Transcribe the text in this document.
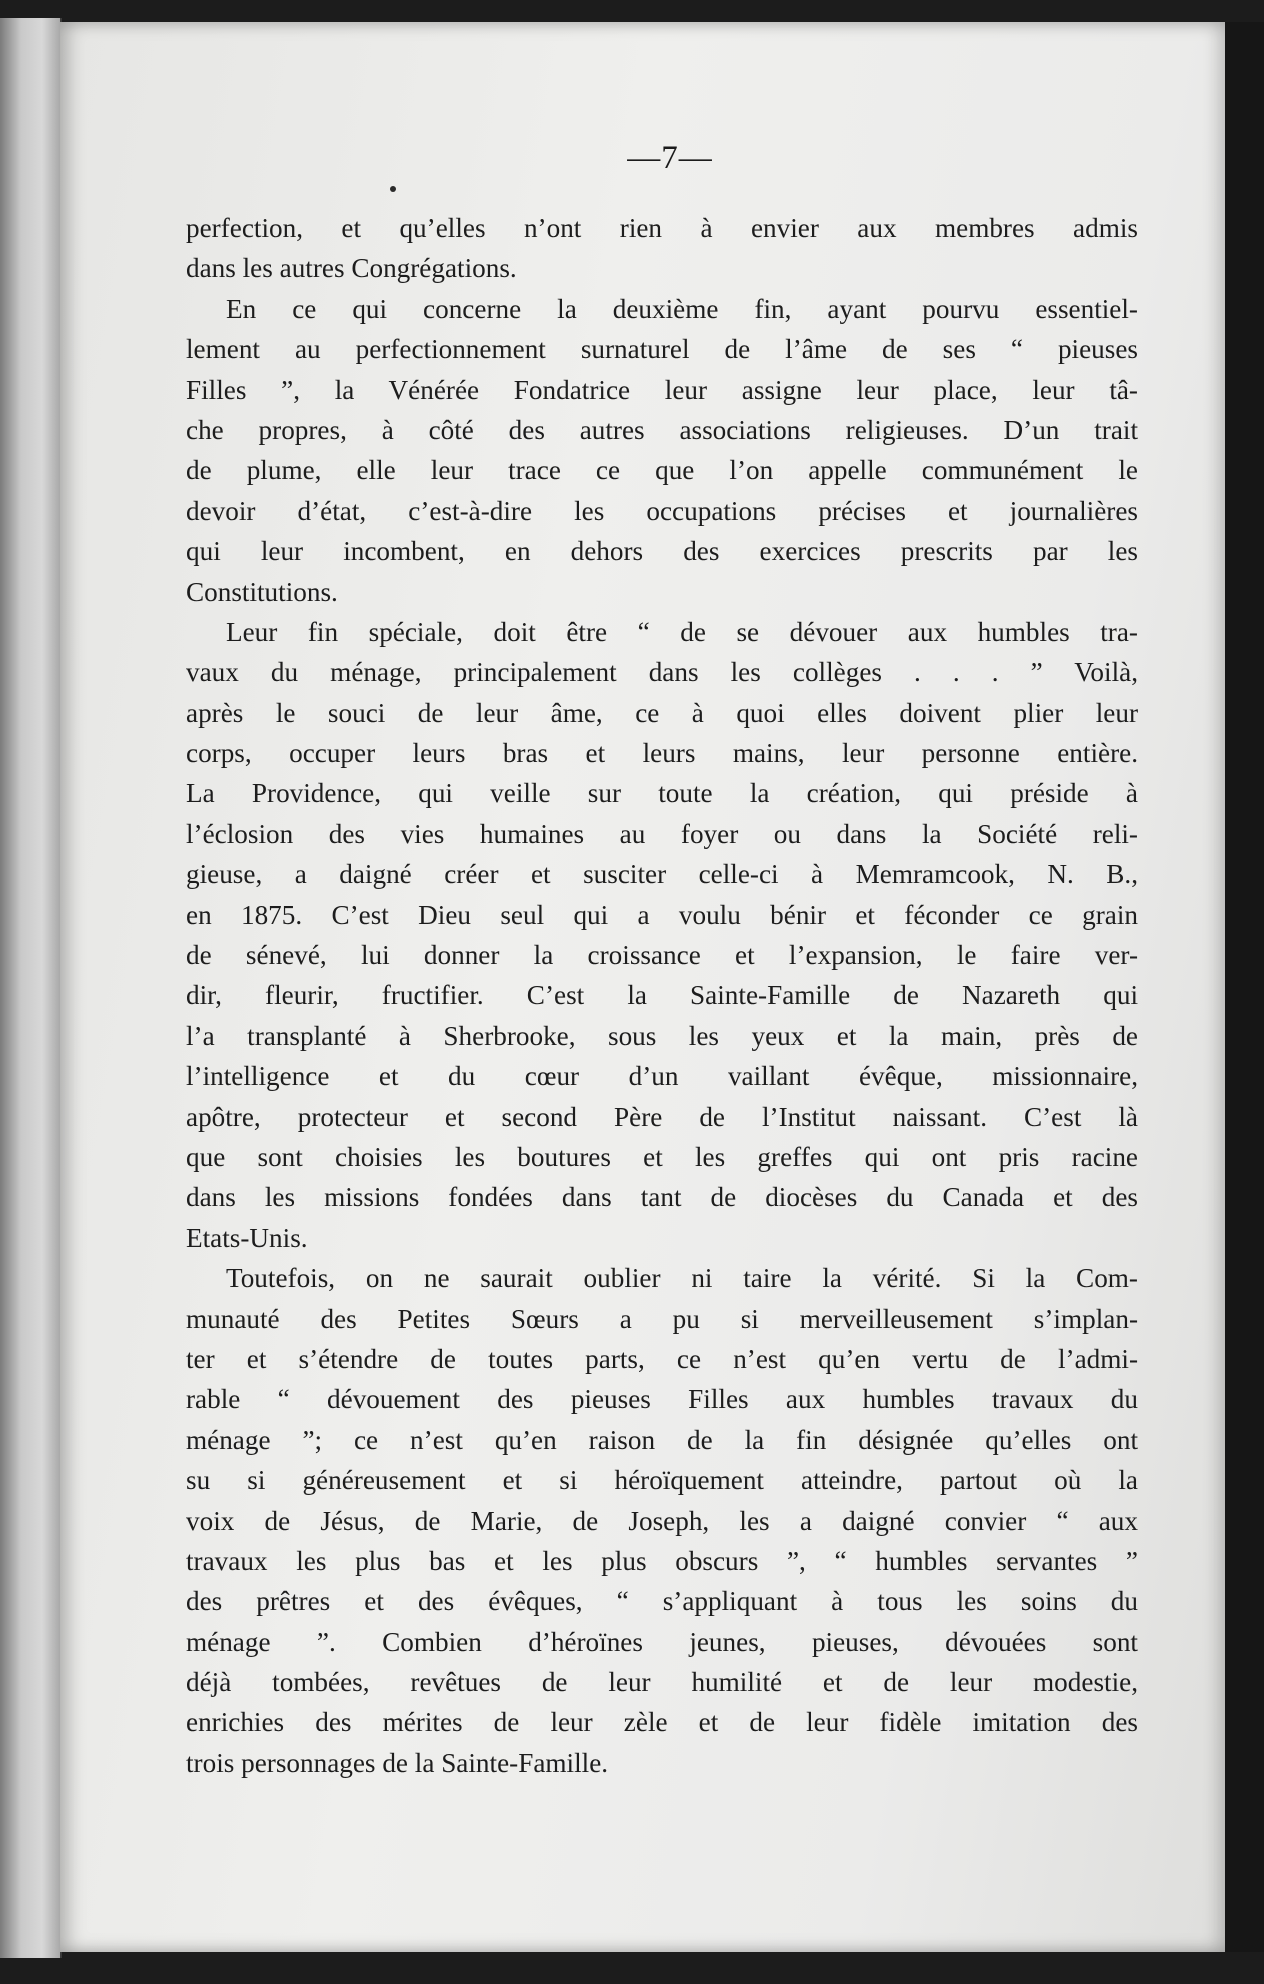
—7—
perfection, et qu’elles n’ont rien à envier aux membres admis
dans les autres Congrégations.
En ce qui concerne la deuxième fin, ayant pourvu essentiel-
lement au perfectionnement surnaturel de l’âme de ses “ pieuses
Filles ”, la Vénérée Fondatrice leur assigne leur place, leur tâ-
che propres, à côté des autres associations religieuses. D’un trait
de plume, elle leur trace ce que l’on appelle communément le
devoir d’état, c’est-à-dire les occupations précises et journalières
qui leur incombent, en dehors des exercices prescrits par les
Constitutions.
Leur fin spéciale, doit être “ de se dévouer aux humbles tra-
vaux du ménage, principalement dans les collèges . . . ” Voilà,
après le souci de leur âme, ce à quoi elles doivent plier leur
corps, occuper leurs bras et leurs mains, leur personne entière.
La Providence, qui veille sur toute la création, qui préside à
l’éclosion des vies humaines au foyer ou dans la Société reli-
gieuse, a daigné créer et susciter celle-ci à Memramcook, N. B.,
en 1875. C’est Dieu seul qui a voulu bénir et féconder ce grain
de sénevé, lui donner la croissance et l’expansion, le faire ver-
dir, fleurir, fructifier. C’est la Sainte-Famille de Nazareth qui
l’a transplanté à Sherbrooke, sous les yeux et la main, près de
l’intelligence et du cœur d’un vaillant évêque, missionnaire,
apôtre, protecteur et second Père de l’Institut naissant. C’est là
que sont choisies les boutures et les greffes qui ont pris racine
dans les missions fondées dans tant de diocèses du Canada et des
Etats-Unis.
Toutefois, on ne saurait oublier ni taire la vérité. Si la Com-
munauté des Petites Sœurs a pu si merveilleusement s’implan-
ter et s’étendre de toutes parts, ce n’est qu’en vertu de l’admi-
rable “ dévouement des pieuses Filles aux humbles travaux du
ménage ”; ce n’est qu’en raison de la fin désignée qu’elles ont
su si généreusement et si héroïquement atteindre, partout où la
voix de Jésus, de Marie, de Joseph, les a daigné convier “ aux
travaux les plus bas et les plus obscurs ”, “ humbles servantes ”
des prêtres et des évêques, “ s’appliquant à tous les soins du
ménage ”. Combien d’héroïnes jeunes, pieuses, dévouées sont
déjà tombées, revêtues de leur humilité et de leur modestie,
enrichies des mérites de leur zèle et de leur fidèle imitation des
trois personnages de la Sainte-Famille.
